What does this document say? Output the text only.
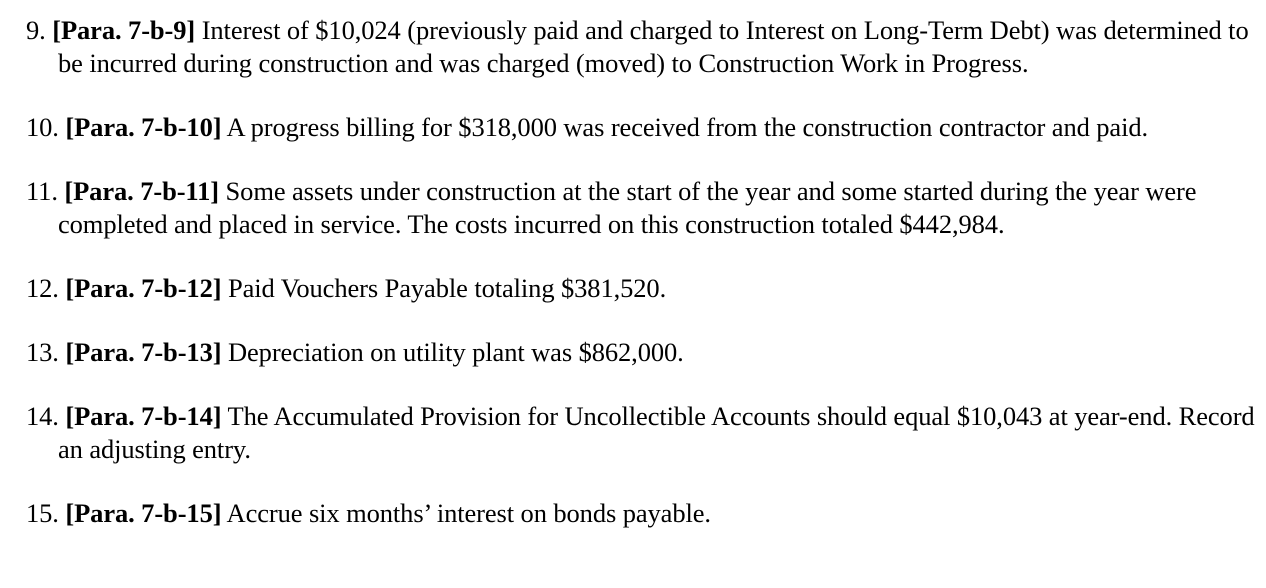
9. [Para. 7-b-9] Interest of $10,024 (previously paid and charged to Interest on Long-Term Debt) was determined to be incurred during construction and was charged (moved) to Construction Work in Progress.

10. [Para. 7-b-10] A progress billing for $318,000 was received from the construction contractor and paid.

11. [Para. 7-b-11] Some assets under construction at the start of the year and some started during the year were completed and placed in service. The costs incurred on this construction totaled $442,984.

12. [Para. 7-b-12] Paid Vouchers Payable totaling $381,520.

13. [Para. 7-b-13] Depreciation on utility plant was $862,000.

14. [Para. 7-b-14] The Accumulated Provision for Uncollectible Accounts should equal $10,043 at year-end. Record an adjusting entry.

15. [Para. 7-b-15] Accrue six months’ interest on bonds payable.
